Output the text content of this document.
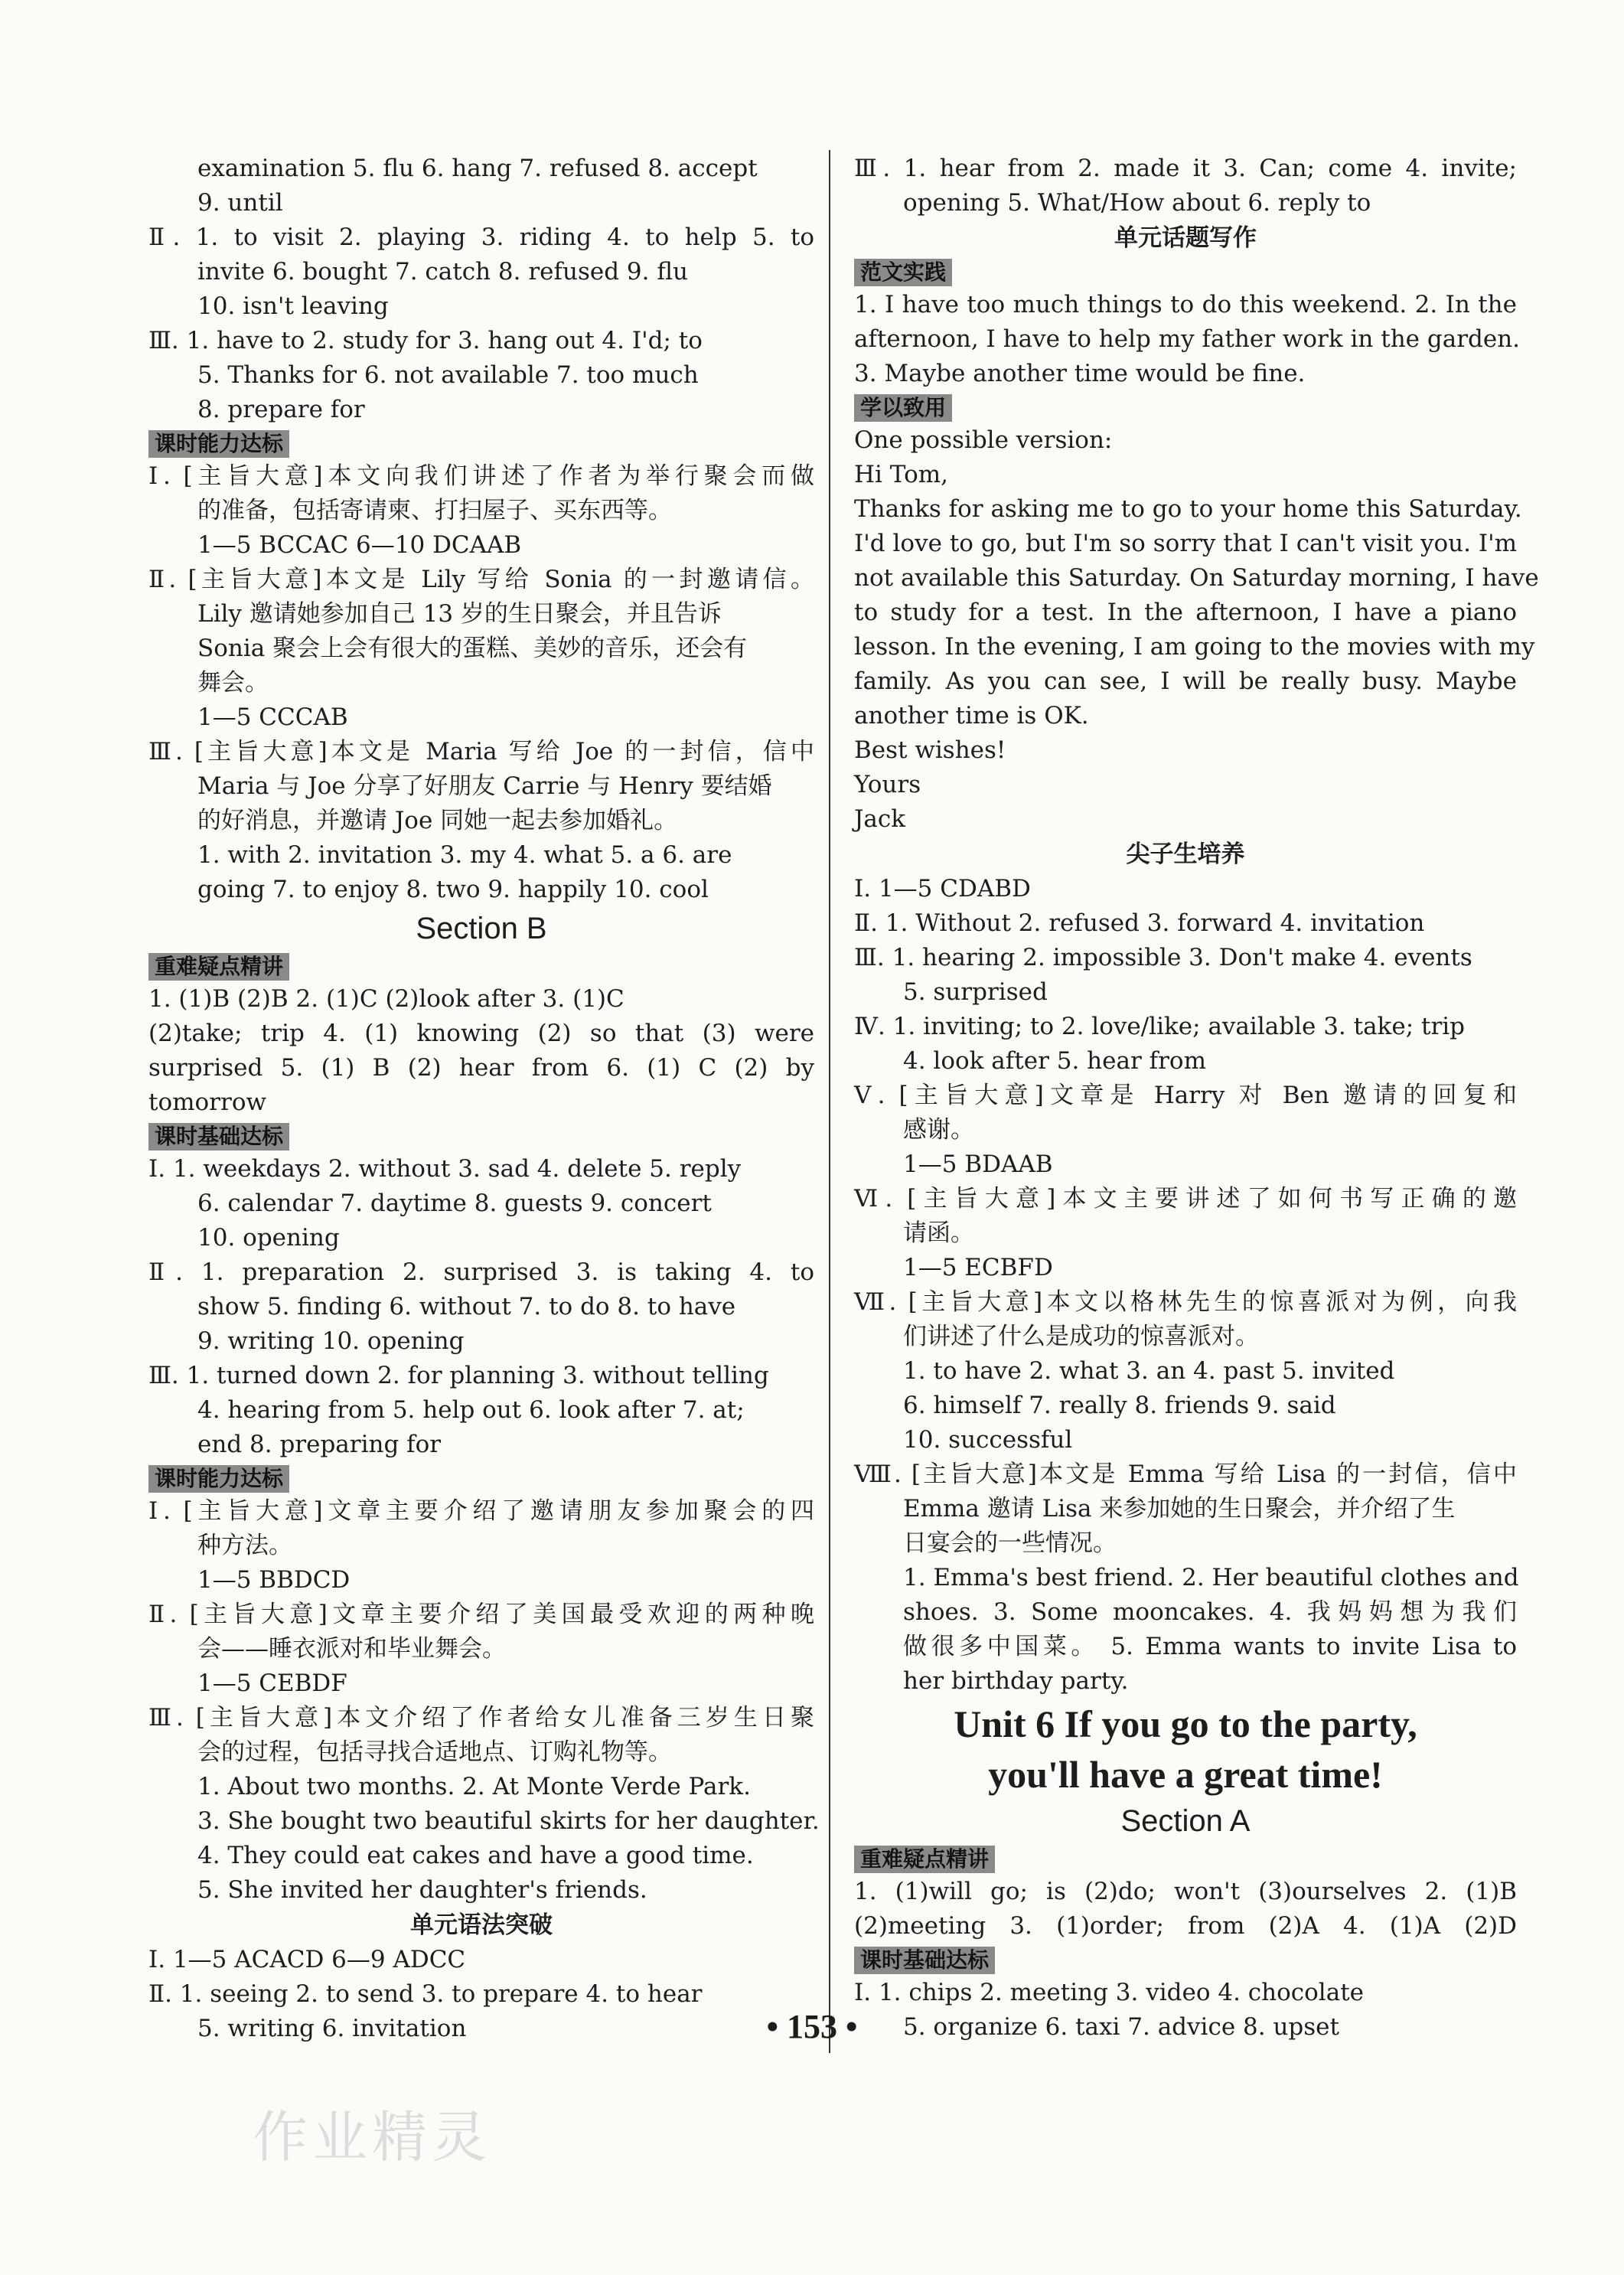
examination 5. flu 6. hang 7. refused 8. accept
9. until
Ⅱ. 1. to visit 2. playing 3. riding 4. to help 5. to
invite 6. bought 7. catch 8. refused 9. flu
10. isn't leaving
Ⅲ. 1. have to 2. study for 3. hang out 4. I'd; to
5. Thanks for 6. not available 7. too much
8. prepare for
课时能力达标
Ⅰ. [主旨大意]本文向我们讲述了作者为举行聚会而做
的准备，包括寄请柬、打扫屋子、买东西等。
1—5 BCCAC 6—10 DCAAB
Ⅱ. [主旨大意]本文是 Lily 写给 Sonia 的一封邀请信。
Lily 邀请她参加自己 13 岁的生日聚会，并且告诉
Sonia 聚会上会有很大的蛋糕、美妙的音乐，还会有
舞会。
1—5 CCCAB
Ⅲ. [主旨大意]本文是 Maria 写给 Joe 的一封信，信中
Maria 与 Joe 分享了好朋友 Carrie 与 Henry 要结婚
的好消息，并邀请 Joe 同她一起去参加婚礼。
1. with 2. invitation 3. my 4. what 5. a 6. are
going 7. to enjoy 8. two 9. happily 10. cool
Section B
重难疑点精讲
1. (1)B (2)B 2. (1)C (2)look after 3. (1)C
(2)take; trip 4. (1) knowing (2) so that (3) were
surprised 5. (1) B (2) hear from 6. (1) C (2) by
tomorrow
课时基础达标
Ⅰ. 1. weekdays 2. without 3. sad 4. delete 5. reply
6. calendar 7. daytime 8. guests 9. concert
10. opening
Ⅱ. 1. preparation 2. surprised 3. is taking 4. to
show 5. finding 6. without 7. to do 8. to have
9. writing 10. opening
Ⅲ. 1. turned down 2. for planning 3. without telling
4. hearing from 5. help out 6. look after 7. at;
end 8. preparing for
课时能力达标
Ⅰ. [主旨大意]文章主要介绍了邀请朋友参加聚会的四
种方法。
1—5 BBDCD
Ⅱ. [主旨大意]文章主要介绍了美国最受欢迎的两种晚
会——睡衣派对和毕业舞会。
1—5 CEBDF
Ⅲ. [主旨大意]本文介绍了作者给女儿准备三岁生日聚
会的过程，包括寻找合适地点、订购礼物等。
1. About two months. 2. At Monte Verde Park.
3. She bought two beautiful skirts for her daughter.
4. They could eat cakes and have a good time.
5. She invited her daughter's friends.
单元语法突破
Ⅰ. 1—5 ACACD 6—9 ADCC
Ⅱ. 1. seeing 2. to send 3. to prepare 4. to hear
5. writing 6. invitation
Ⅲ. 1. hear from 2. made it 3. Can; come 4. invite;
opening 5. What/How about 6. reply to
单元话题写作
范文实践
1. I have too much things to do this weekend. 2. In the
afternoon, I have to help my father work in the garden.
3. Maybe another time would be fine.
学以致用
One possible version:
Hi Tom,
Thanks for asking me to go to your home this Saturday.
I'd love to go, but I'm so sorry that I can't visit you. I'm
not available this Saturday. On Saturday morning, I have
to study for a test. In the afternoon, I have a piano
lesson. In the evening, I am going to the movies with my
family. As you can see, I will be really busy. Maybe
another time is OK.
Best wishes!
Yours
Jack
尖子生培养
Ⅰ. 1—5 CDABD
Ⅱ. 1. Without 2. refused 3. forward 4. invitation
Ⅲ. 1. hearing 2. impossible 3. Don't make 4. events
5. surprised
Ⅳ. 1. inviting; to 2. love/like; available 3. take; trip
4. look after 5. hear from
Ⅴ. [主旨大意]文章是 Harry 对 Ben 邀请的回复和
感谢。
1—5 BDAAB
Ⅵ. [主旨大意]本文主要讲述了如何书写正确的邀
请函。
1—5 ECBFD
Ⅶ. [主旨大意]本文以格林先生的惊喜派对为例，向我
们讲述了什么是成功的惊喜派对。
1. to have 2. what 3. an 4. past 5. invited
6. himself 7. really 8. friends 9. said
10. successful
Ⅷ. [主旨大意]本文是 Emma 写给 Lisa 的一封信，信中
Emma 邀请 Lisa 来参加她的生日聚会，并介绍了生
日宴会的一些情况。
1. Emma's best friend. 2. Her beautiful clothes and
shoes. 3. Some mooncakes. 4. 我妈妈想为我们
做很多中国菜。 5. Emma wants to invite Lisa to
her birthday party.
Unit 6 If you go to the party,
you'll have a great time!
Section A
重难疑点精讲
1. (1)will go; is (2)do; won't (3)ourselves 2. (1)B
(2)meeting 3. (1)order; from (2)A 4. (1)A (2)D
课时基础达标
Ⅰ. 1. chips 2. meeting 3. video 4. chocolate
5. organize 6. taxi 7. advice 8. upset
• 153 •
作业精灵
